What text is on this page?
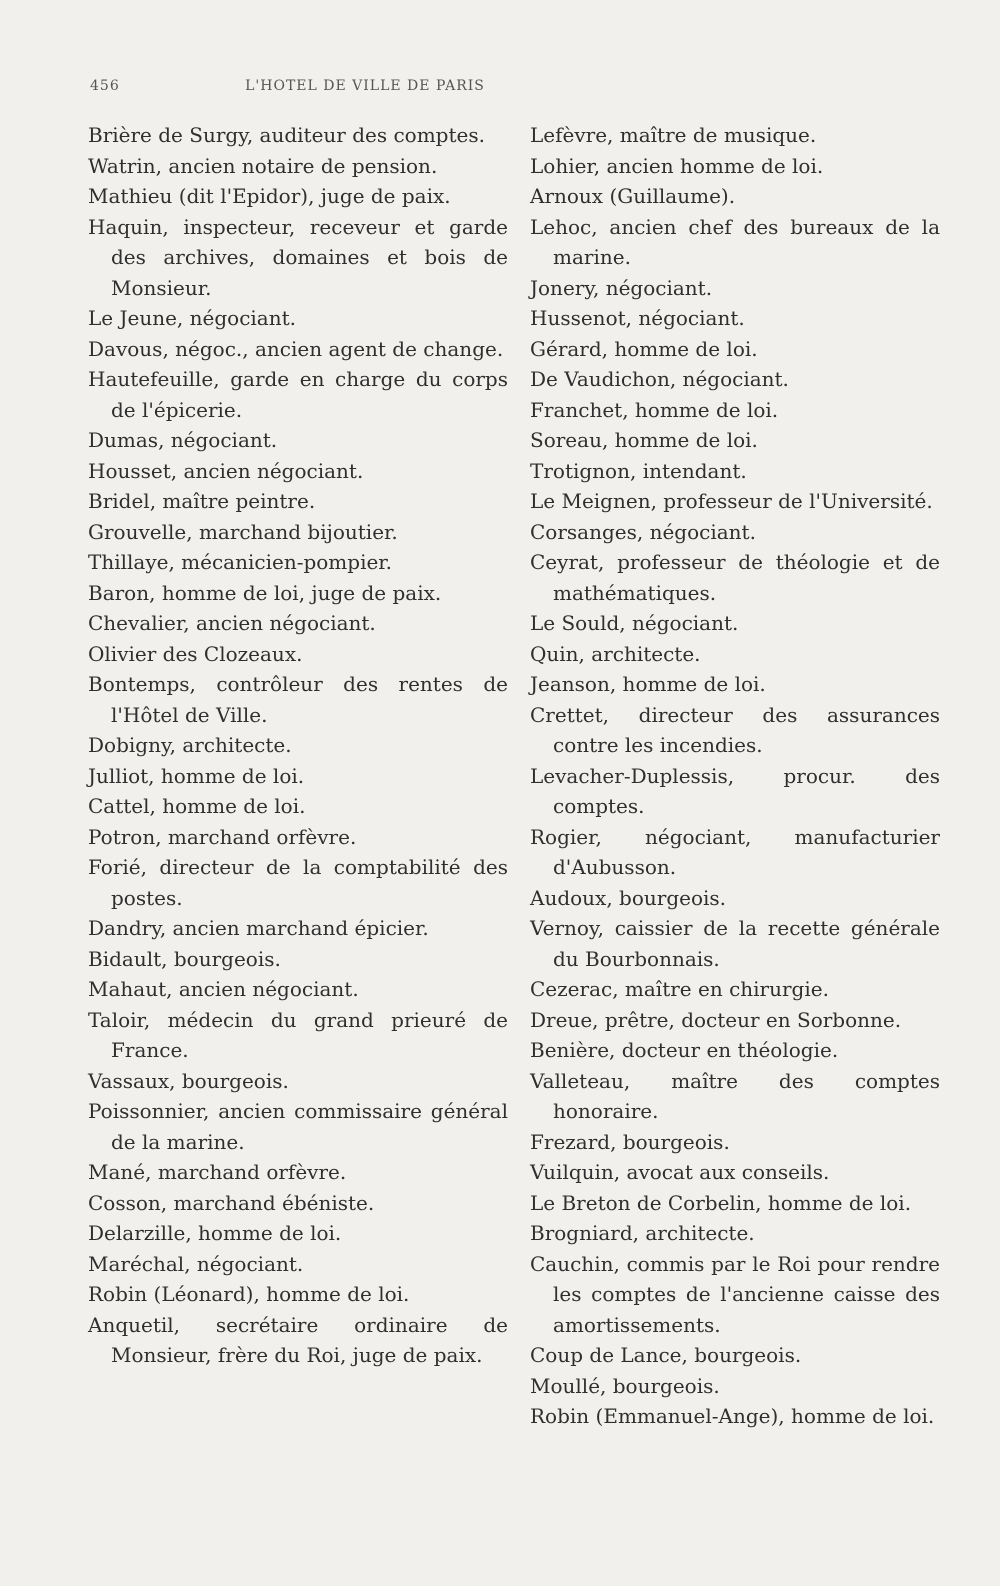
456	L'HOTEL DE VILLE DE PARIS
Brière de Surgy, auditeur des comptes.
Watrin, ancien notaire de pension.
Mathieu (dit l'Epidor), juge de paix.
Haquin, inspecteur, receveur et garde des archives, domaines et bois de Monsieur.
Le Jeune, négociant.
Davous, négoc., ancien agent de change.
Hautefeuille, garde en charge du corps de l'épicerie.
Dumas, négociant.
Housset, ancien négociant.
Bridel, maître peintre.
Grouvelle, marchand bijoutier.
Thillaye, mécanicien-pompier.
Baron, homme de loi, juge de paix.
Chevalier, ancien négociant.
Olivier des Clozeaux.
Bontemps, contrôleur des rentes de l'Hôtel de Ville.
Dobigny, architecte.
Julliot, homme de loi.
Cattel, homme de loi.
Potron, marchand orfèvre.
Forié, directeur de la comptabilité des postes.
Dandry, ancien marchand épicier.
Bidault, bourgeois.
Mahaut, ancien négociant.
Taloir, médecin du grand prieuré de France.
Vassaux, bourgeois.
Poissonnier, ancien commissaire général de la marine.
Mané, marchand orfèvre.
Cosson, marchand ébéniste.
Delarzille, homme de loi.
Maréchal, négociant.
Robin (Léonard), homme de loi.
Anquetil, secrétaire ordinaire de Monsieur, frère du Roi, juge de paix.
Lefèvre, maître de musique.
Lohier, ancien homme de loi.
Arnoux (Guillaume).
Lehoc, ancien chef des bureaux de la marine.
Jonery, négociant.
Hussenot, négociant.
Gérard, homme de loi.
De Vaudichon, négociant.
Franchet, homme de loi.
Soreau, homme de loi.
Trotignon, intendant.
Le Meignen, professeur de l'Université.
Corsanges, négociant.
Ceyrat, professeur de théologie et de mathématiques.
Le Sould, négociant.
Quin, architecte.
Jeanson, homme de loi.
Crettet, directeur des assurances contre les incendies.
Levacher-Duplessis, procur. des comptes.
Rogier, négociant, manufacturier d'Aubusson.
Audoux, bourgeois.
Vernoy, caissier de la recette générale du Bourbonnais.
Cezerac, maître en chirurgie.
Dreue, prêtre, docteur en Sorbonne.
Benière, docteur en théologie.
Valleteau, maître des comptes honoraire.
Frezard, bourgeois.
Vuilquin, avocat aux conseils.
Le Breton de Corbelin, homme de loi.
Brogniard, architecte.
Cauchin, commis par le Roi pour rendre les comptes de l'ancienne caisse des amortissements.
Coup de Lance, bourgeois.
Moullé, bourgeois.
Robin (Emmanuel-Ange), homme de loi.
